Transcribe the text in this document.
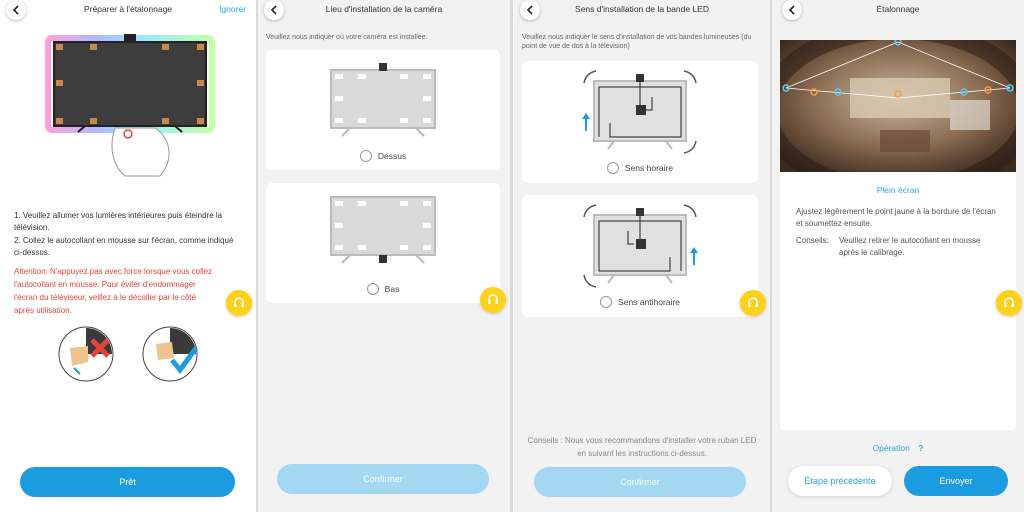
Préparer à l'étalonnage	Ignorer
1. Veuillez allumer vos lumières intérieures puis éteindre la télévision.
2. Collez le autocollant en mousse sur l'écran, comme indiqué ci-dessus.
Attention: N'appuyez pas avec force lorsque vous collez l'autocollant en mousse. Pour éviter d'endommager l'écran du téléviseur, veillez à le décoller par le côté après utilisation.
Prêt
Lieu d'installation de la caméra
Veuillez nous indiquer où votre caméra est installée.
Dessus
Bas
Confirmer
Sens d'installation de la bande LED
Veuillez nous indiquer le sens d'installation de vos bandes lumineuses (du point de vue de dos à la télévision)
Sens horaire
Sens antihoraire
Conseils : Nous vous recommandons d'installer votre ruban LED en suivant les instructions ci-dessus.
Confirmer
Étalonnage
Plein écran
Ajustez légèrement le point jaune à la bordure de l'écran et soumettez ensuite.
Conseils: Veuillez retirer le autocollant en mousse après le calibrage.
Opération ?
Étape précédente	Envoyer
